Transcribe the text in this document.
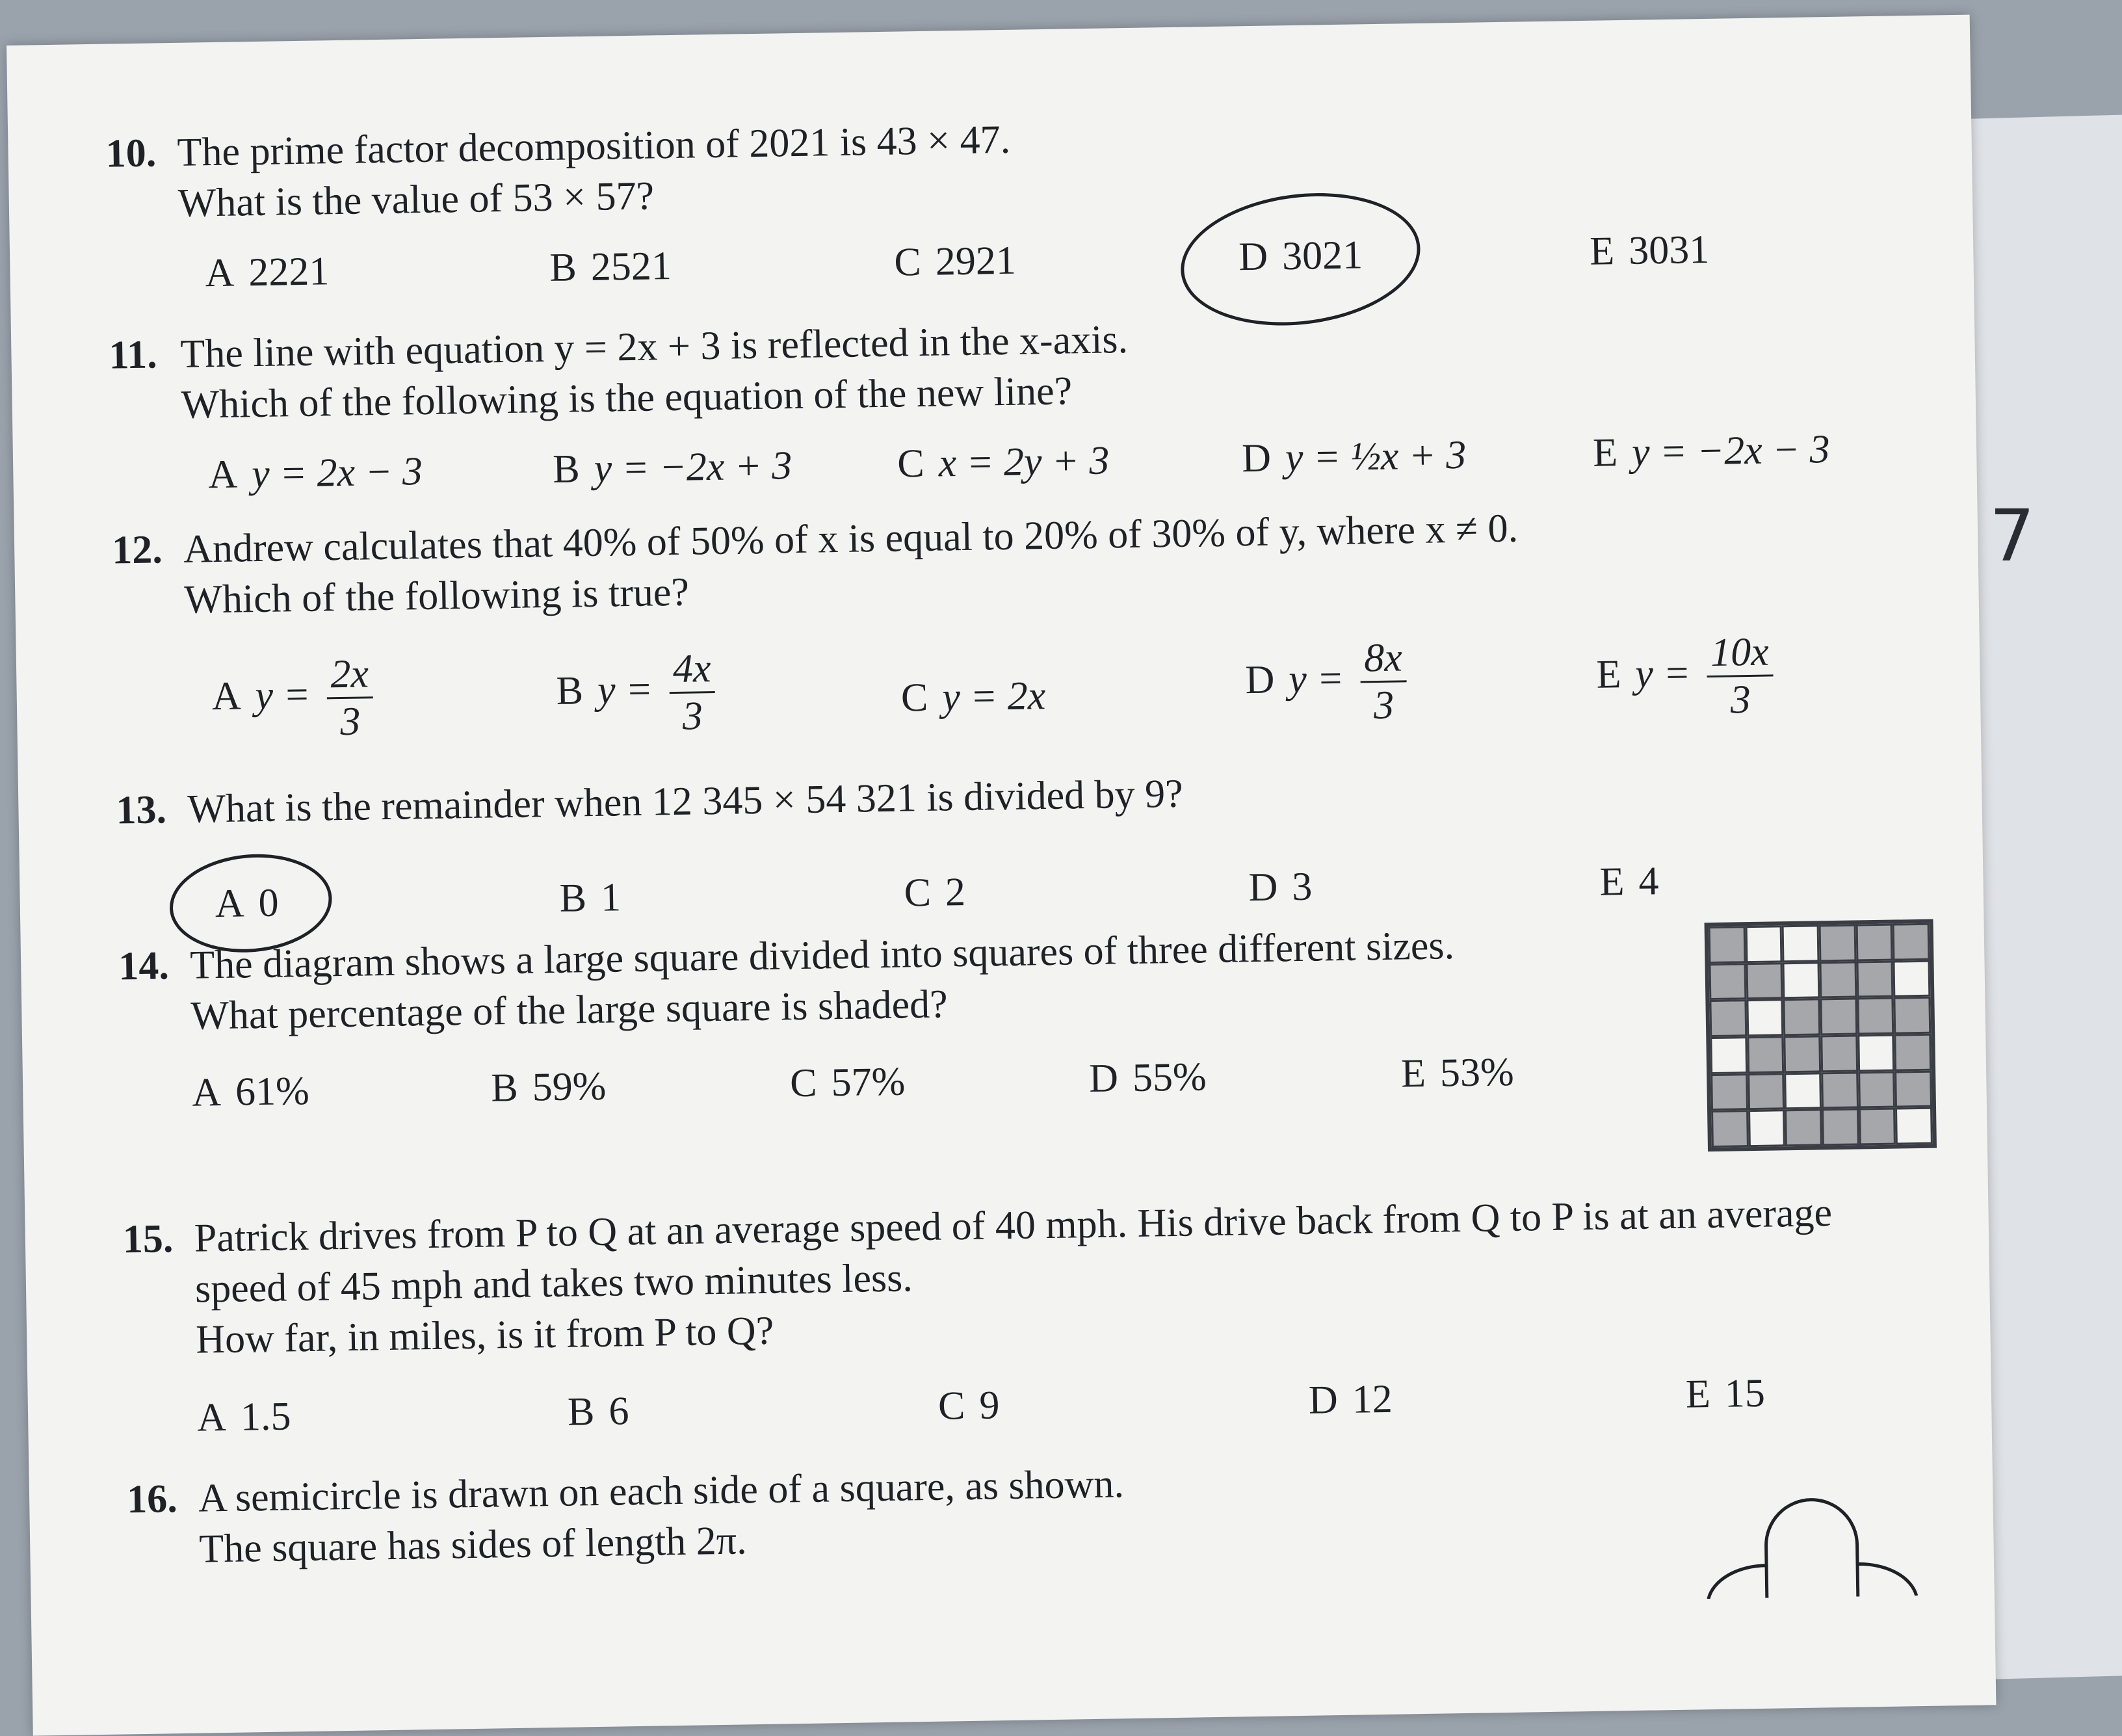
10. The prime factor decomposition of 2021 is 43 × 47.
What is the value of 53 × 57?
A 2221	B 2521	C 2921	D 3021	E 3031
11. The line with equation y = 2x + 3 is reflected in the x-axis.
Which of the following is the equation of the new line?
A y = 2x − 3	B y = −2x + 3	C x = 2y + 3	D y = ½x + 3	E y = −2x − 3
12. Andrew calculates that 40% of 50% of x is equal to 20% of 30% of y, where x ≠ 0.
Which of the following is true?
A $y = \frac{2x}{3}$	B $y = \frac{4x}{3}$	C y = 2x	D $y = \frac{8x}{3}$	E $y = \frac{10x}{3}$
13. What is the remainder when 12 345 × 54 321 is divided by 9?
A 0	B 1	C 2	D 3	E 4
14. The diagram shows a large square divided into squares of three different sizes.
What percentage of the large square is shaded?
A 61%	B 59%	C 57%	D 55%	E 53%
15. Patrick drives from P to Q at an average speed of 40 mph. His drive back from Q to P is at an average
speed of 45 mph and takes two minutes less.
How far, in miles, is it from P to Q?
A 1.5	B 6	C 9	D 12	E 15
16. A semicircle is drawn on each side of a square, as shown.
The square has sides of length 2π.
7
